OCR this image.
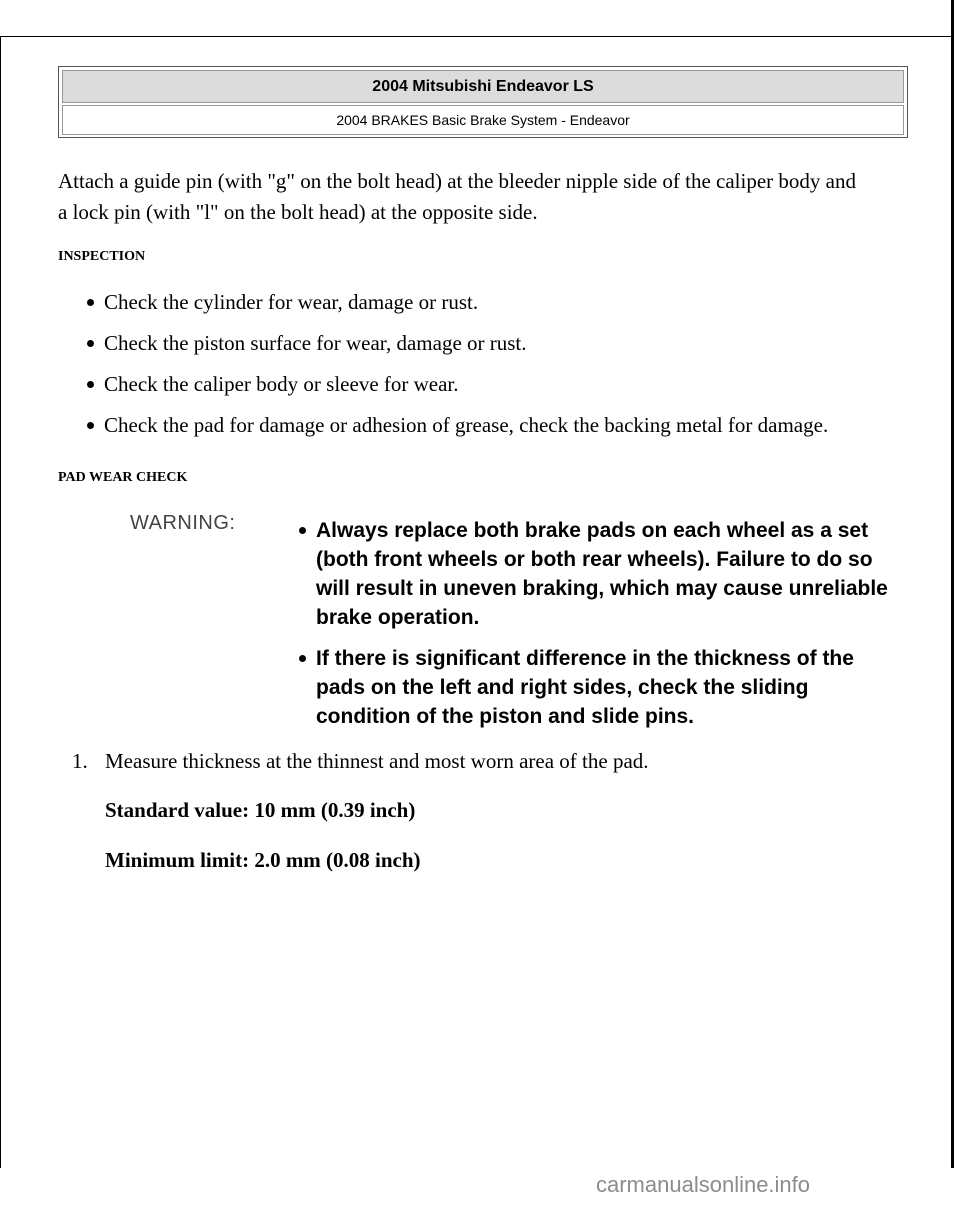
2004 Mitsubishi Endeavor LS
2004 BRAKES Basic Brake System - Endeavor
Attach a guide pin (with "g" on the bolt head) at the bleeder nipple side of the caliper body and a lock pin (with "l" on the bolt head) at the opposite side.
INSPECTION
Check the cylinder for wear, damage or rust.
Check the piston surface for wear, damage or rust.
Check the caliper body or sleeve for wear.
Check the pad for damage or adhesion of grease, check the backing metal for damage.
PAD WEAR CHECK
WARNING:	Always replace both brake pads on each wheel as a set (both front wheels or both rear wheels). Failure to do so will result in uneven braking, which may cause unreliable brake operation.
If there is significant difference in the thickness of the pads on the left and right sides, check the sliding condition of the piston and slide pins.
1. Measure thickness at the thinnest and most worn area of the pad.
Standard value: 10 mm (0.39 inch)
Minimum limit: 2.0 mm (0.08 inch)
carmanualsonline.info
